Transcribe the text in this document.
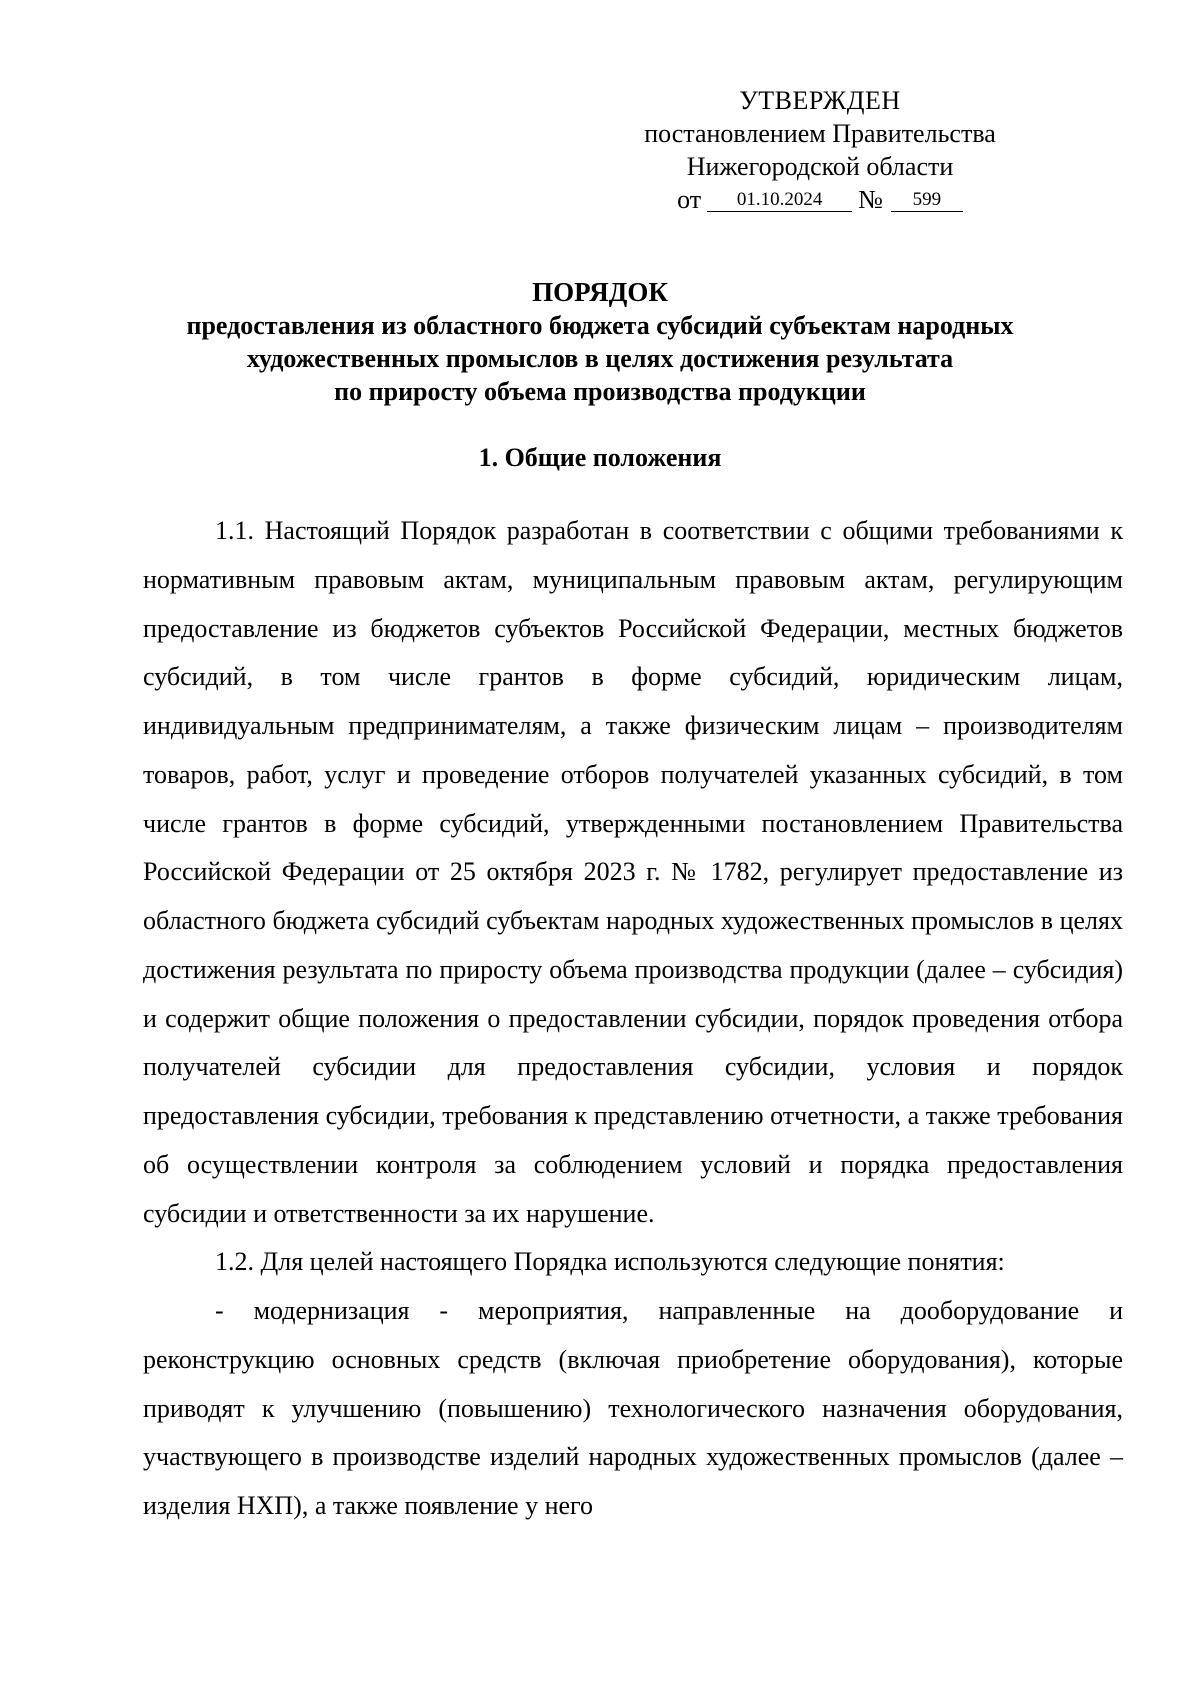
УТВЕРЖДЕН
постановлением Правительства
Нижегородской области
от	01.10.2024	№	599
ПОРЯДОК
предоставления из областного бюджета субсидий субъектам народных
художественных промыслов в целях достижения результата
по приросту объема производства продукции
1. Общие положения

1.1. Настоящий Порядок разработан в соответствии с общими требованиями к нормативным правовым актам, муниципальным правовым актам, регулирующим предоставление из бюджетов субъектов Российской Федерации, местных бюджетов субсидий, в том числе грантов в форме субсидий, юридическим лицам, индивидуальным предпринимателям, а также физическим лицам – производителям товаров, работ, услуг и проведение отборов получателей указанных субсидий, в том числе грантов в форме субсидий, утвержденными постановлением Правительства Российской Федерации от 25 октября 2023 г. № 1782, регулирует предоставление из областного бюджета субсидий субъектам народных художественных промыслов в целях достижения результата по приросту объема производства продукции (далее – субсидия) и содержит общие положения о предоставлении субсидии, порядок проведения отбора получателей субсидии для предоставления субсидии, условия и порядок предоставления субсидии, требования к представлению отчетности, а также требования об осуществлении контроля за соблюдением условий и порядка предоставления субсидии и ответственности за их нарушение.

1.2. Для целей настоящего Порядка используются следующие понятия:

- модернизация - мероприятия, направленные на дооборудование и реконструкцию основных средств (включая приобретение оборудования), которые приводят к улучшению (повышению) технологического назначения оборудования, участвующего в производстве изделий народных художественных промыслов (далее – изделия НХП), а также появление у него
